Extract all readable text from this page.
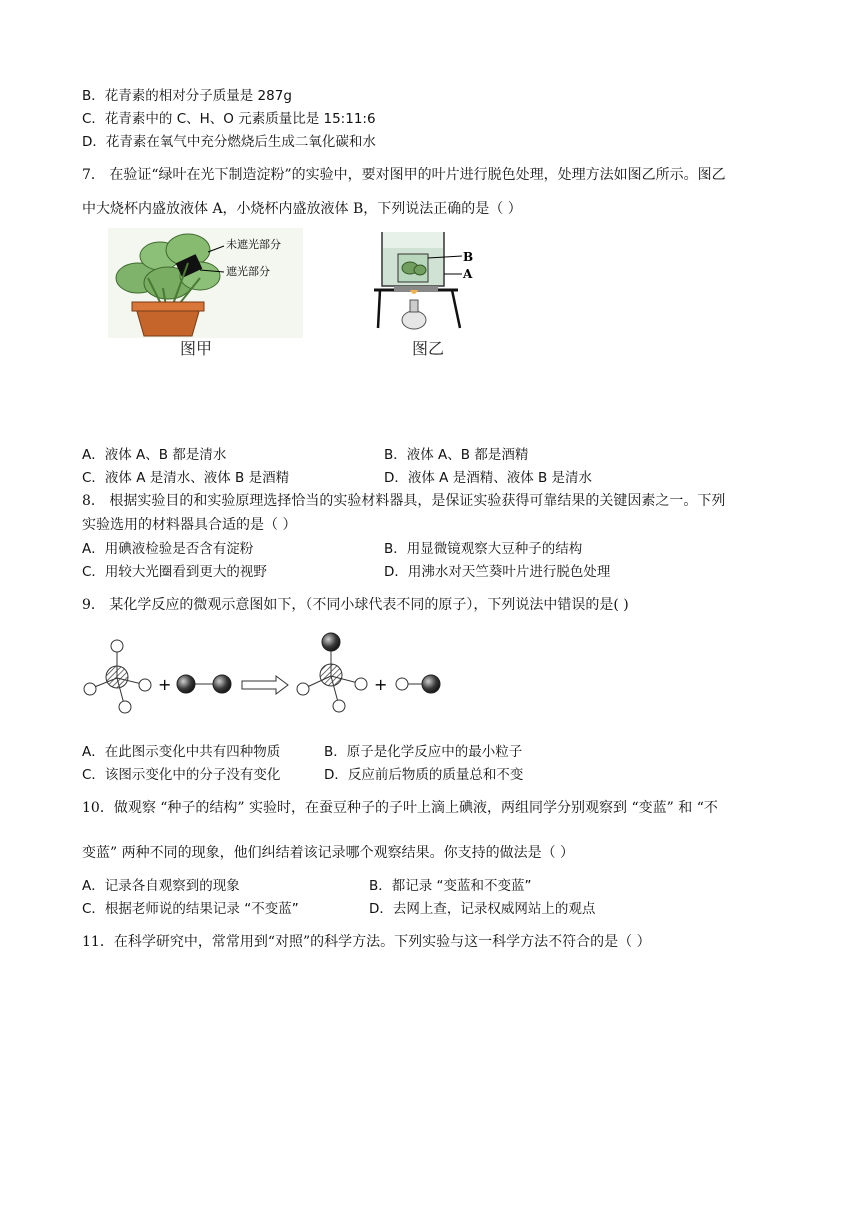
B．花青素的相对分子质量是 287g
C．花青素中的 C、H、O 元素质量比是 15:11:6
D．花青素在氧气中充分燃烧后生成二氧化碳和水
7． 在验证“绿叶在光下制造淀粉”的实验中，要对图甲的叶片进行脱色处理，处理方法如图乙所示。图乙
中大烧杯内盛放液体 A，小烧杯内盛放液体 B，下列说法正确的是（ ）
未遮光部分
遮光部分
图甲
B
A
图乙
A．液体 A、B 都是清水	B．液体 A、B 都是酒精
C．液体 A 是清水、液体 B 是酒精	D．液体 A 是酒精、液体 B 是清水
8． 根据实验目的和实验原理选择恰当的实验材料器具，是保证实验获得可靠结果的关键因素之一。下列
实验选用的材料器具合适的是（ ）
A．用碘液检验是否含有淀粉	B．用显微镜观察大豆种子的结构
C．用较大光圈看到更大的视野	D．用沸水对天竺葵叶片进行脱色处理
9． 某化学反应的微观示意图如下，（不同小球代表不同的原子），下列说法中错误的是( )
+	+
A．在此图示变化中共有四种物质	B．原子是化学反应中的最小粒子
C．该图示变化中的分子没有变化	D．反应前后物质的质量总和不变
10．做观察 “种子的结构” 实验时，在蚕豆种子的子叶上滴上碘液，两组同学分别观察到 “变蓝” 和 “不
变蓝” 两种不同的现象，他们纠结着该记录哪个观察结果。你支持的做法是（ ）
A．记录各自观察到的现象	B．都记录 “变蓝和不变蓝”
C．根据老师说的结果记录 “不变蓝”	D．去网上查，记录权威网站上的观点
11．在科学研究中，常常用到“对照”的科学方法。下列实验与这一科学方法不符合的是（ ）
